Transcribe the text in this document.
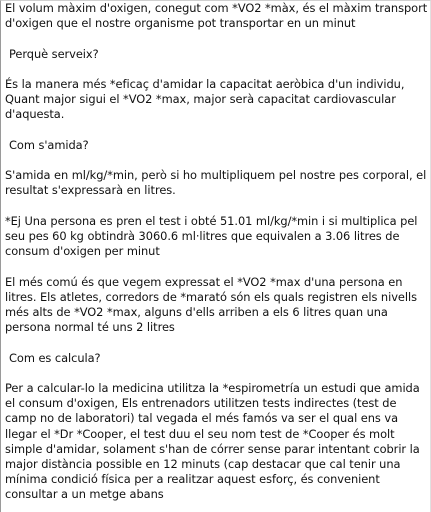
El volum màxim d'oxigen, conegut com *VO2 *màx, és el màxim transport d'oxigen que el nostre organisme pot transportar en un minut

Perquè serveix?

És la manera més *eficaç d'amidar la capacitat aeròbica d'un individu, Quant major sigui el *VO2 *max, major serà capacitat cardiovascular d'aquesta.

Com s'amida?

S'amida en ml/kg/*min, però si ho multipliquem pel nostre pes corporal, el resultat s'expressarà en litres.

*Ej Una persona es pren el test i obté 51.01 ml/kg/*min i si multiplica pel seu pes 60 kg obtindrà 3060.6 ml·litres que equivalen a 3.06 litres de consum d'oxigen per minut

El més comú és que vegem expressat el *VO2 *max d'una persona en litres. Els atletes, corredors de *marató són els quals registren els nivells més alts de *VO2 *max, alguns d'ells arriben a els 6 litres quan una persona normal té uns 2 litres

Com es calcula?

Per a calcular-lo la medicina utilitza la *espirometría un estudi que amida el consum d'oxigen, Els entrenadors utilitzen tests indirectes (test de camp no de laboratori) tal vegada el més famós va ser el qual ens va llegar el *Dr *Cooper, el test duu el seu nom test de *Cooper és molt simple d'amidar, solament s'han de córrer sense parar intentant cobrir la major distància possible en 12 minuts (cap destacar que cal tenir una mínima condició física per a realitzar aquest esforç, és convenient consultar a un metge abans
